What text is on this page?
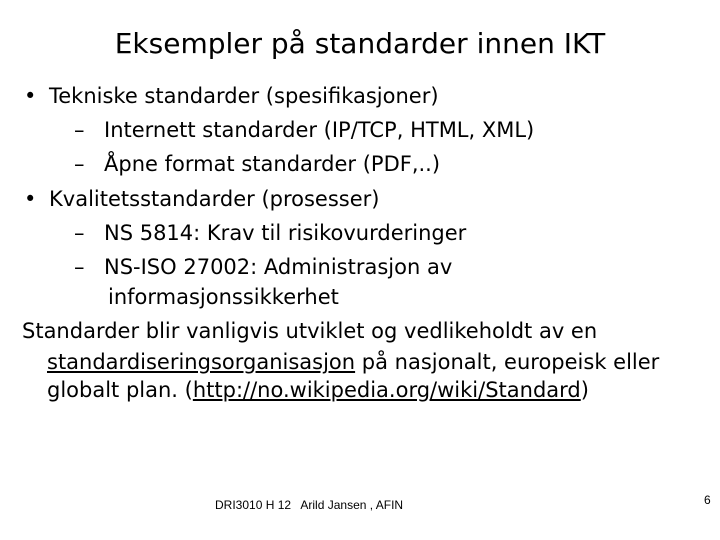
Eksempler på standarder innen IKT
• Tekniske standarder (spesifikasjoner)
– Internett standarder (IP/TCP, HTML, XML)
– Åpne format standarder (PDF,..)
• Kvalitetsstandarder (prosesser)
– NS 5814: Krav til risikovurderinger
– NS-ISO 27002: Administrasjon av
informasjonssikkerhet
Standarder blir vanligvis utviklet og vedlikeholdt av en
standardiseringsorganisasjon på nasjonalt, europeisk eller
globalt plan. (http://no.wikipedia.org/wiki/Standard)
DRI3010 H 12   Arild Jansen , AFIN	6
